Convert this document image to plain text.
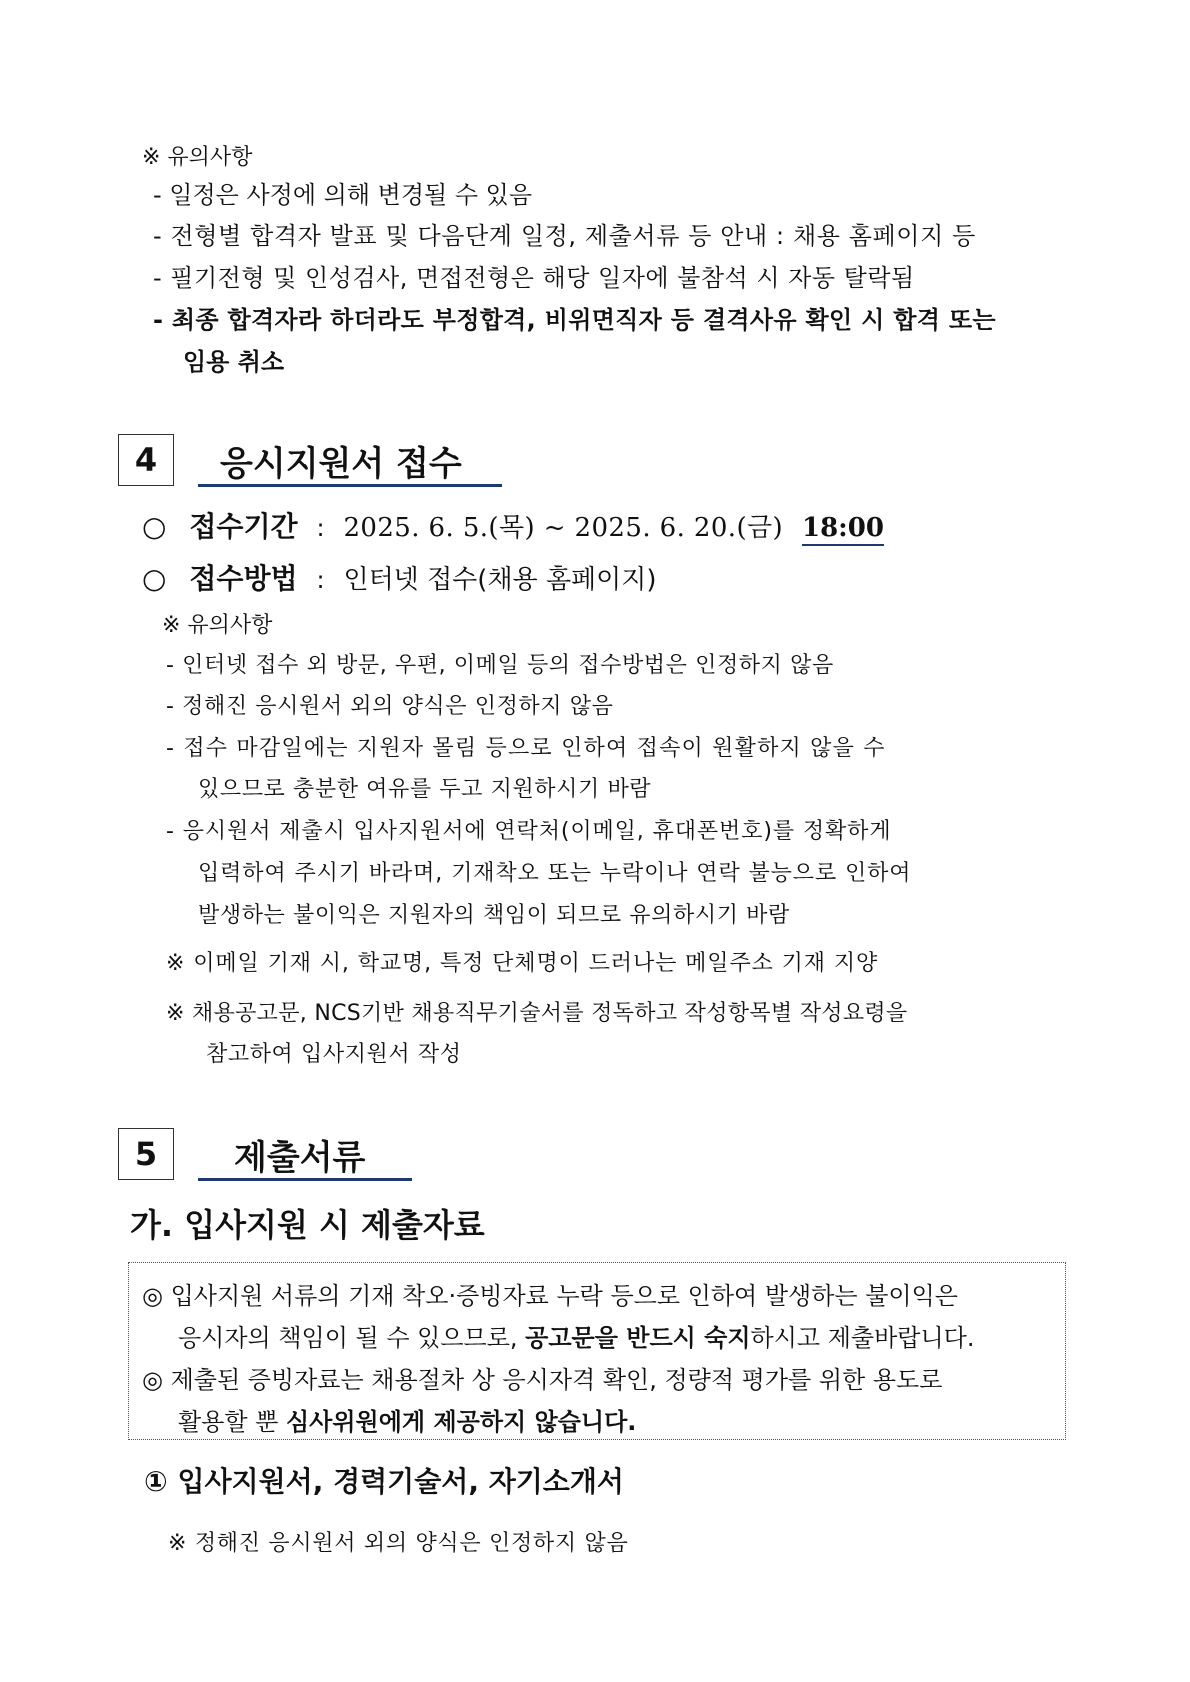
※ 유의사항
- 일정은 사정에 의해 변경될 수 있음
- 전형별 합격자 발표 및 다음단계 일정, 제출서류 등 안내 : 채용 홈페이지 등
- 필기전형 및 인성검사, 면접전형은 해당 일자에 불참석 시 자동 탈락됨
- 최종 합격자라 하더라도 부정합격, 비위면직자 등 결격사유 확인 시 합격 또는
임용 취소
4	응시지원서 접수
○ 접수기간 : 2025. 6. 5.(목) ~ 2025. 6. 20.(금) 18:00
○ 접수방법 : 인터넷 접수(채용 홈페이지)
※ 유의사항
- 인터넷 접수 외 방문, 우편, 이메일 등의 접수방법은 인정하지 않음
- 정해진 응시원서 외의 양식은 인정하지 않음
- 접수 마감일에는 지원자 몰림 등으로 인하여 접속이 원활하지 않을 수
있으므로 충분한 여유를 두고 지원하시기 바람
- 응시원서 제출시 입사지원서에 연락처(이메일, 휴대폰번호)를 정확하게
입력하여 주시기 바라며, 기재착오 또는 누락이나 연락 불능으로 인하여
발생하는 불이익은 지원자의 책임이 되므로 유의하시기 바람
※ 이메일 기재 시, 학교명, 특정 단체명이 드러나는 메일주소 기재 지양
※ 채용공고문, NCS기반 채용직무기술서를 정독하고 작성항목별 작성요령을
참고하여 입사지원서 작성
5	제출서류
가. 입사지원 시 제출자료
◎ 입사지원 서류의 기재 착오·증빙자료 누락 등으로 인하여 발생하는 불이익은
응시자의 책임이 될 수 있으므로, 공고문을 반드시 숙지하시고 제출바랍니다.
◎ 제출된 증빙자료는 채용절차 상 응시자격 확인, 정량적 평가를 위한 용도로
활용할 뿐 심사위원에게 제공하지 않습니다.
① 입사지원서, 경력기술서, 자기소개서
※ 정해진 응시원서 외의 양식은 인정하지 않음
